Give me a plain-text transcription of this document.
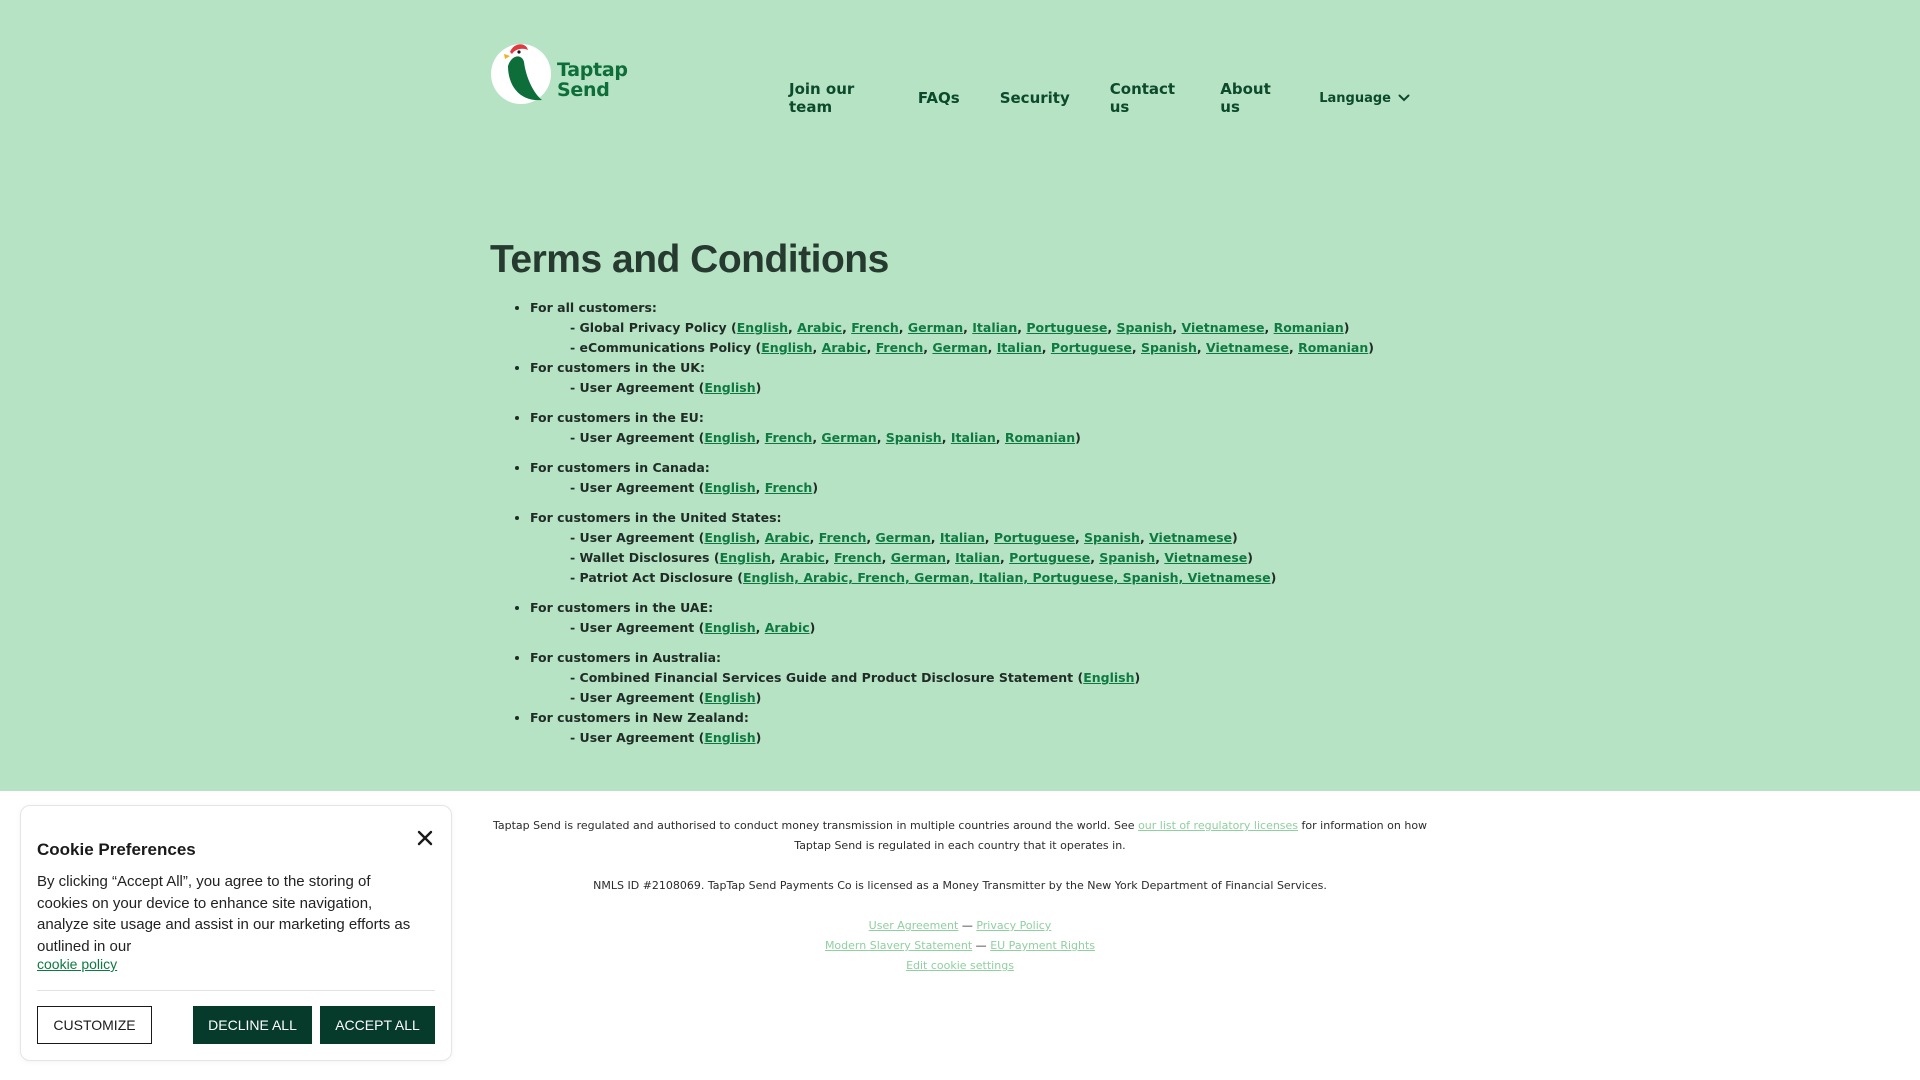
Taptap
Send	Join our team	FAQs	Security	Contact us
About us	Language
Terms and Conditions
• For all customers:
- Global Privacy Policy (English, Arabic, French, German, Italian, Portuguese, Spanish, Vietnamese, Romanian)
- eCommunications Policy (English, Arabic, French, German, Italian, Portuguese, Spanish, Vietnamese, Romanian)
• For customers in the UK:
- User Agreement (English)
• For customers in the EU:
- User Agreement (English, French, German, Spanish, Italian, Romanian)
• For customers in Canada:
- User Agreement (English, French)
• For customers in the United States:
- User Agreement (English, Arabic, French, German, Italian, Portuguese, Spanish, Vietnamese)
- Wallet Disclosures (English, Arabic, French, German, Italian, Portuguese, Spanish, Vietnamese)
- Patriot Act Disclosure (English, Arabic, French, German, Italian, Portuguese, Spanish, Vietnamese)
• For customers in the UAE:
- User Agreement (English, Arabic)
• For customers in Australia:
- Combined Financial Services Guide and Product Disclosure Statement (English)
- User Agreement (English)
• For customers in New Zealand:
- User Agreement (English)

Taptap Send is regulated and authorised to conduct money transmission in multiple countries around the world. See our list of regulatory licenses for information on how Taptap Send is regulated in each country that it operates in.

NMLS ID #2108069. TapTap Send Payments Co is licensed as a Money Transmitter by the New York Department of Financial Services.

User Agreement — Privacy Policy
Modern Slavery Statement — EU Payment Rights
Edit cookie settings
Cookie Preferences
By clicking “Accept All”, you agree to the storing of cookies on your device to enhance site navigation, analyze site usage and assist in our marketing efforts as outlined in our
cookie policy
CUSTOMIZE	DECLINE ALL	ACCEPT ALL
